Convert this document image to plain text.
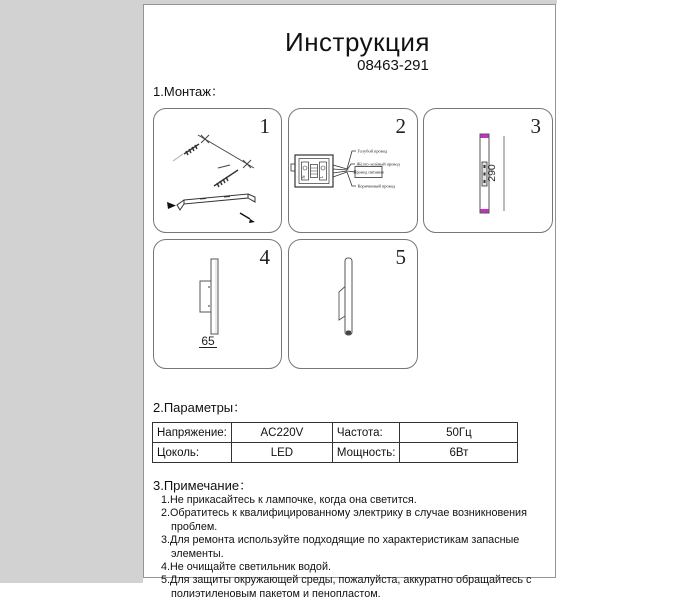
Инструкция
08463-291
1.Монтаж：
1
N	L
Голубой провод
Жёлто-зелёный провод
Провод питания
Коричневый провод
2
290
3
65
4	5
2.Параметры：
Напряжение:	AC220V	Частота:	50Гц
Цоколь:	LED	Мощность:	6Вт
3.Примечание：
1.Не прикасайтесь к лампочке, когда она светится.
2.Обратитесь к квалифицированному электрику в случае возникновения проблем.
3.Для ремонта используйте подходящие по характеристикам запасные элементы.
4.Не очищайте светильник водой.
5.Для защиты окружающей среды, пожалуйста, аккуратно обращайтесь с полиэтиленовым пакетом и пенопластом.
